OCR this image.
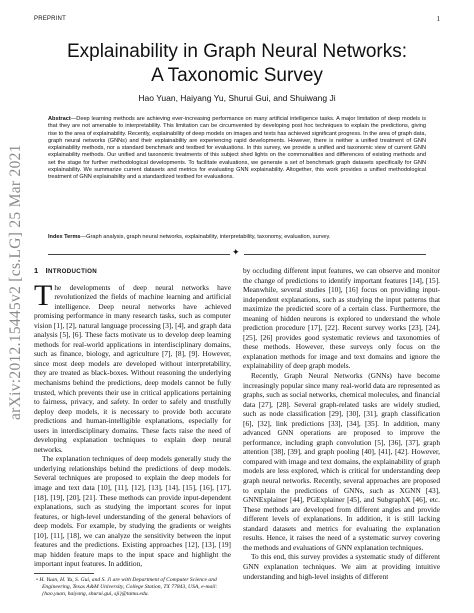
PREPRINT	1
arXiv:2012.15445v2 [cs.LG] 25 Mar 2021
Explainability in Graph Neural Networks:
A Taxonomic Survey
Hao Yuan, Haiyang Yu, Shurui Gui, and Shuiwang Ji
Abstract—Deep learning methods are achieving ever-increasing performance on many artificial intelligence tasks. A major limitation of deep models is that they are not amenable to interpretability. This limitation can be circumvented by developing post hoc techniques to explain the predictions, giving rise to the area of explainability. Recently, explainability of deep models on images and texts has achieved significant progress. In the area of graph data, graph neural networks (GNNs) and their explainability are experiencing rapid developments. However, there is neither a unified treatment of GNN explainability methods, nor a standard benchmark and testbed for evaluations. In this survey, we provide a unified and taxonomic view of current GNN explainability methods. Our unified and taxonomic treatments of this subject shed lights on the commonalities and differences of existing methods and set the stage for further methodological developments. To facilitate evaluations, we generate a set of benchmark graph datasets specifically for GNN explainability. We summarize current datasets and metrics for evaluating GNN explainability. Altogether, this work provides a unified methodological treatment of GNN explainability and a standardized testbed for evaluations.
Index Terms—Graph analysis, graph neural networks, explainability, interpretability, taxonomy, evaluation, survey.
✦
1 INTRODUCTION

The developments of deep neural networks have revolutionized the fields of machine learning and artificial intelligence. Deep neural networks have achieved promising performance in many research tasks, such as computer vision [1], [2], natural language processing [3], [4], and graph data analysis [5], [6]. These facts motivate us to develop deep learning methods for real-world applications in interdisciplinary domains, such as finance, biology, and agriculture [7], [8], [9]. However, since most deep models are developed without interpretability, they are treated as black-boxes. Without reasoning the underlying mechanisms behind the predictions, deep models cannot be fully trusted, which prevents their use in critical applications pertaining to fairness, privacy, and safety. In order to safely and trustfully deploy deep models, it is necessary to provide both accurate predictions and human-intelligible explanations, especially for users in interdisciplinary domains. These facts raise the need of developing explanation techniques to explain deep neural networks.

The explanation techniques of deep models generally study the underlying relationships behind the predictions of deep models. Several techniques are proposed to explain the deep models for image and text data [10], [11], [12], [13], [14], [15], [16], [17], [18], [19], [20], [21]. These methods can provide input-dependent explanations, such as studying the important scores for input features, or high-level understanding of the general behaviors of deep models. For example, by studying the gradients or weights [10], [11], [18], we can analyze the sensitivity between the input features and the predictions. Existing approaches [12], [13], [19] map hidden feature maps to the input space and highlight the important input features. In addition,

• H. Yuan, H. Yu, S. Gui, and S. Ji are with Department of Computer Science and Engineering, Texas A&M University, College Station, TX 77843, USA, e-mail: {hao.yuan, haiyang, shurui.gui, sji}@tamu.edu.

by occluding different input features, we can observe and monitor the change of predictions to identify important features [14], [15]. Meanwhile, several studies [10], [16] focus on providing input-independent explanations, such as studying the input patterns that maximize the predicted score of a certain class. Furthermore, the meaning of hidden neurons is explored to understand the whole prediction procedure [17], [22]. Recent survey works [23], [24], [25], [26] provides good systematic reviews and taxonomies of these methods. However, these surveys only focus on the explanation methods for image and text domains and ignore the explainability of deep graph models.

Recently, Graph Neural Networks (GNNs) have become increasingly popular since many real-world data are represented as graphs, such as social networks, chemical molecules, and financial data [27], [28]. Several graph-related tasks are widely studied, such as node classification [29], [30], [31], graph classification [6], [32], link predictions [33], [34], [35]. In addition, many advanced GNN operations are proposed to improve the performance, including graph convolution [5], [36], [37], graph attention [38], [39], and graph pooling [40], [41], [42]. However, compared with image and text domains, the explainability of graph models are less explored, which is critical for understanding deep graph neural networks. Recently, several approaches are proposed to explain the predictions of GNNs, such as XGNN [43], GNNExplainer [44], PGExplainer [45], and SubgraphX [46], etc. These methods are developed from different angles and provide different levels of explanations. In addition, it is still lacking standard datasets and metrics for evaluating the explanation results. Hence, it raises the need of a systematic survey covering the methods and evaluations of GNN explanation techniques.

To this end, this survey provides a systematic study of different GNN explanation techniques. We aim at providing intuitive understanding and high-level insights of different
